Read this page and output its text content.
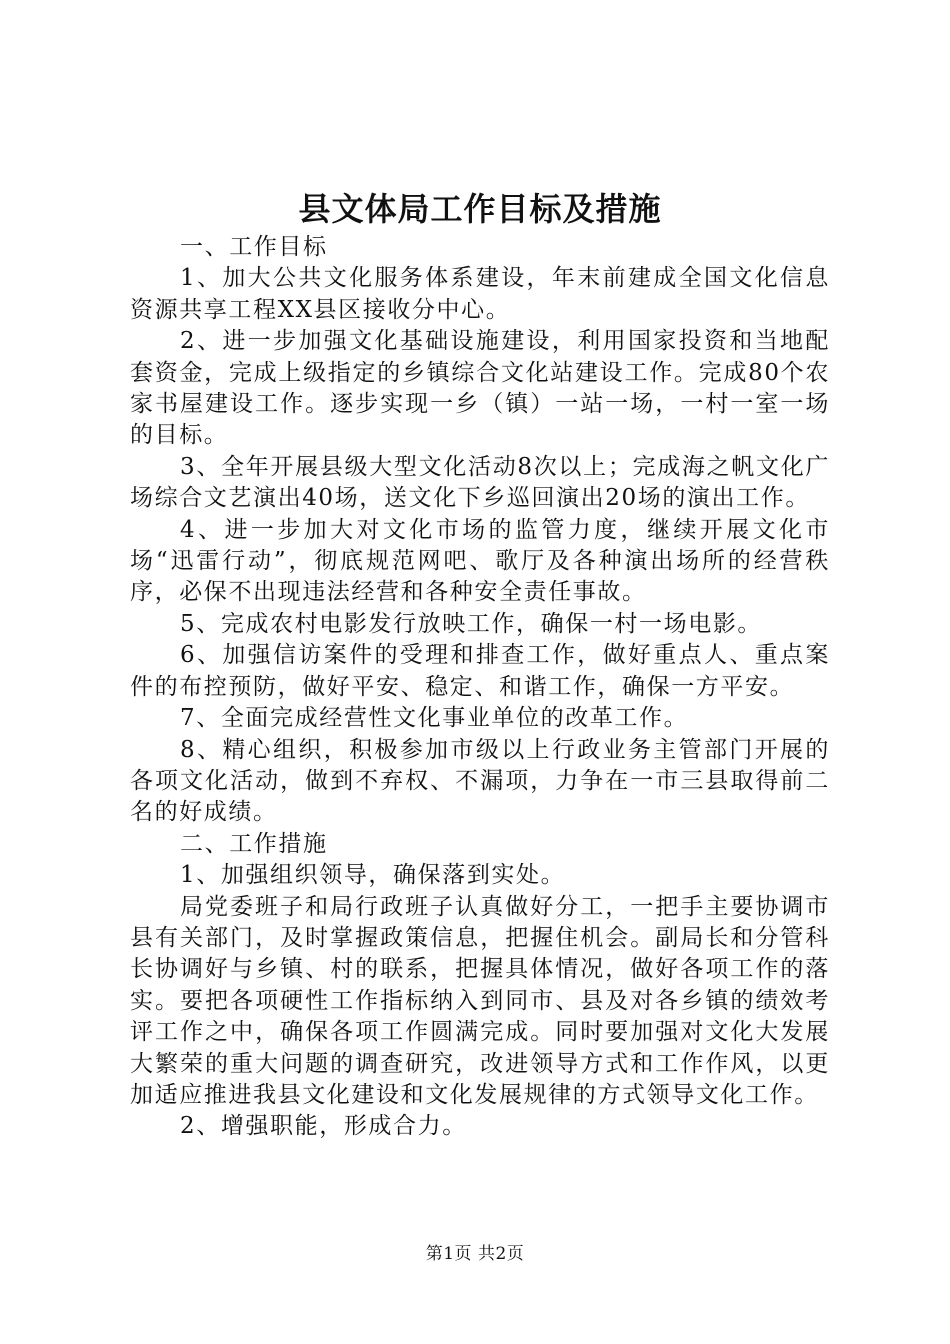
县文体局工作目标及措施

一、工作目标

1、加大公共文化服务体系建设，年末前建成全国文化信息资源共享工程XX县区接收分中心。

2、进一步加强文化基础设施建设，利用国家投资和当地配套资金，完成上级指定的乡镇综合文化站建设工作。完成80个农家书屋建设工作。逐步实现一乡（镇）一站一场，一村一室一场的目标。

3、全年开展县级大型文化活动8次以上；完成海之帆文化广场综合文艺演出40场，送文化下乡巡回演出20场的演出工作。

4、进一步加大对文化市场的监管力度，继续开展文化市场“迅雷行动”，彻底规范网吧、歌厅及各种演出场所的经营秩序，必保不出现违法经营和各种安全责任事故。

5、完成农村电影发行放映工作，确保一村一场电影。

6、加强信访案件的受理和排查工作，做好重点人、重点案件的布控预防，做好平安、稳定、和谐工作，确保一方平安。

7、全面完成经营性文化事业单位的改革工作。

8、精心组织，积极参加市级以上行政业务主管部门开展的各项文化活动，做到不弃权、不漏项，力争在一市三县取得前二名的好成绩。

二、工作措施

1、加强组织领导，确保落到实处。

局党委班子和局行政班子认真做好分工，一把手主要协调市县有关部门，及时掌握政策信息，把握住机会。副局长和分管科长协调好与乡镇、村的联系，把握具体情况，做好各项工作的落实。要把各项硬性工作指标纳入到同市、县及对各乡镇的绩效考评工作之中，确保各项工作圆满完成。同时要加强对文化大发展大繁荣的重大问题的调查研究，改进领导方式和工作作风，以更加适应推进我县文化建设和文化发展规律的方式领导文化工作。

2、增强职能，形成合力。

第1页 共2页
